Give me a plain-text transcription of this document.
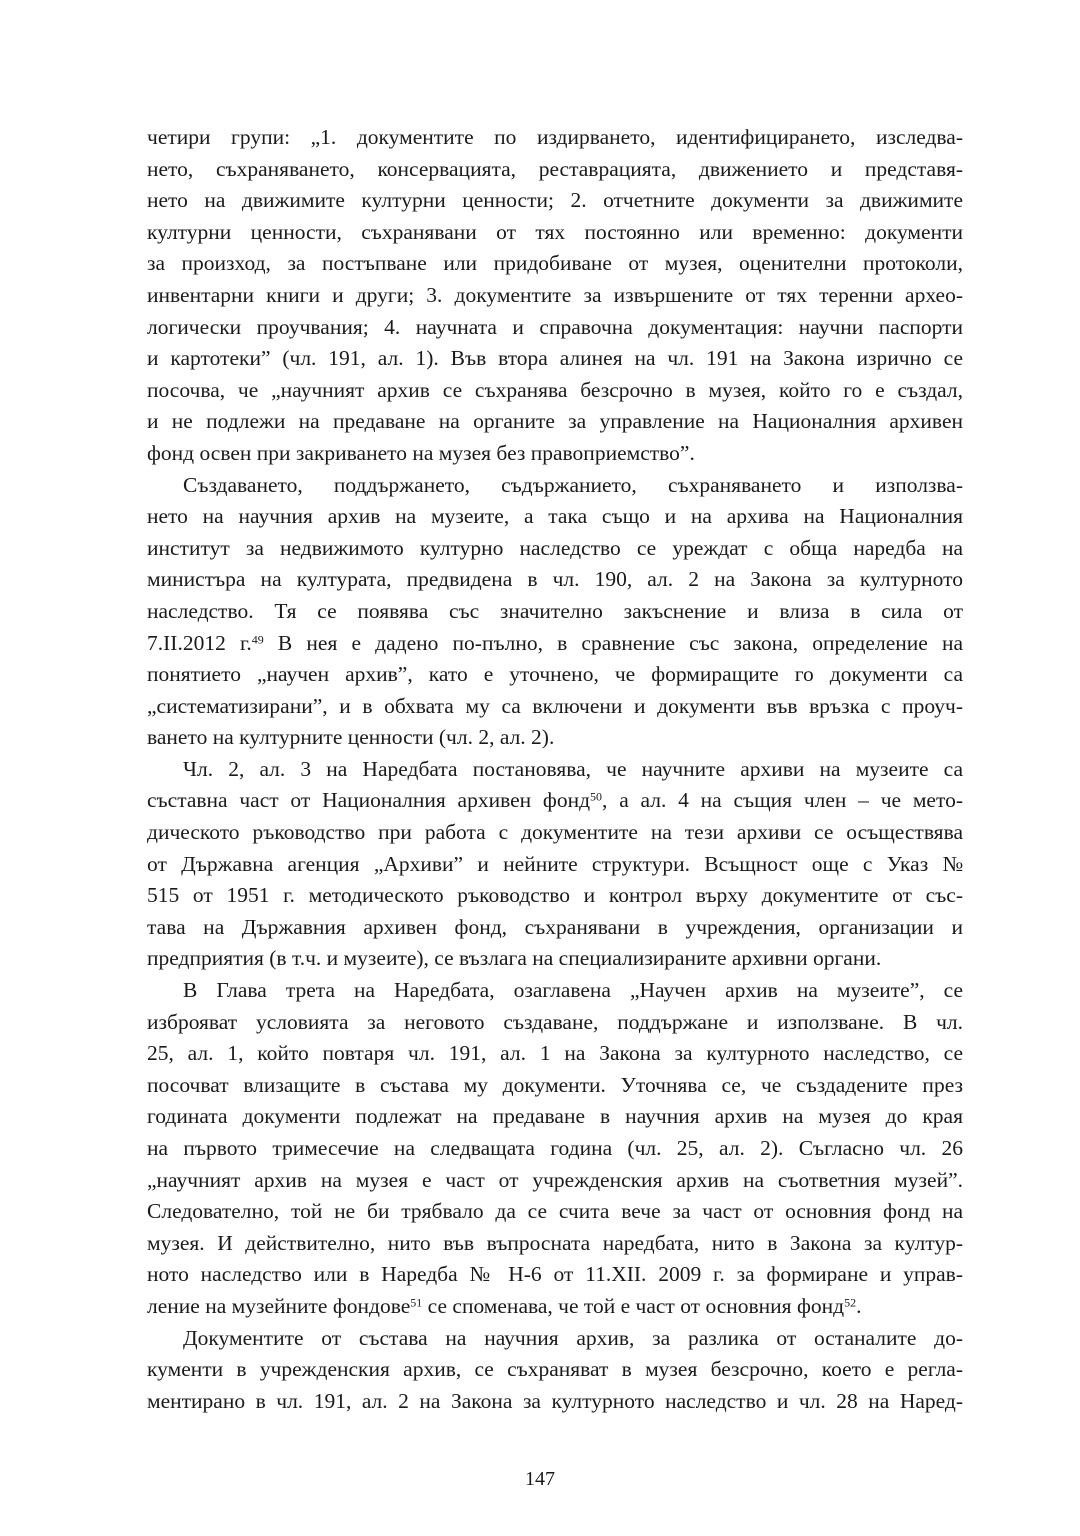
четири групи: „1. документите по издирването, идентифицирането, изследва-
нето, съхраняването, консервацията, реставрацията, движението и представя-
нето на движимите културни ценности; 2. отчетните документи за движимите
културни ценности, съхранявани от тях постоянно или временно: документи
за произход, за постъпване или придобиване от музея, оценителни протоколи,
инвентарни книги и други; 3. документите за извършените от тях теренни архео-
логически проучвания; 4. научната и справочна документация: научни паспорти
и картотеки” (чл. 191, ал. 1). Във втора алинея на чл. 191 на Закона изрично се
посочва, че „научният архив се съхранява безсрочно в музея, който го е създал,
и не подлежи на предаване на органите за управление на Националния архивен
фонд освен при закриването на музея без правоприемство”.
Създаването, поддържането, съдържанието, съхраняването и използва-
нето на научния архив на музеите, а така също и на архива на Националния
институт за недвижимото културно наследство се уреждат с обща наредба на
министъра на културата, предвидена в чл. 190, ал. 2 на Закона за културното
наследство. Тя се появява със значително закъснение и влиза в сила от
7.II.2012 г.$^{49}$ В нея е дадено по-пълно, в сравнение със закона, определение на
понятието „научен архив”, като е уточнено, че формиращите го документи са
„систематизирани”, и в обхвата му са включени и документи във връзка с проуч-
ването на културните ценности (чл. 2, ал. 2).
Чл. 2, ал. 3 на Наредбата постановява, че научните архиви на музеите са
съставна част от Националния архивен фонд$^{50}$, а ал. 4 на същия член – че мето-
дическото ръководство при работа с документите на тези архиви се осъществява
от Държавна агенция „Архиви” и нейните структури. Всъщност още с Указ №
515 от 1951 г. методическото ръководство и контрол върху документите от със-
тава на Държавния архивен фонд, съхранявани в учреждения, организации и
предприятия (в т.ч. и музеите), се възлага на специализираните архивни органи.
В Глава трета на Наредбата, озаглавена „Научен архив на музеите”, се
изброяват условията за неговото създаване, поддържане и използване. В чл.
25, ал. 1, който повтаря чл. 191, ал. 1 на Закона за културното наследство, се
посочват влизащите в състава му документи. Уточнява се, че създадените през
годината документи подлежат на предаване в научния архив на музея до края
на първото тримесечие на следващата година (чл. 25, ал. 2). Съгласно чл. 26
„научният архив на музея е част от учрежденския архив на съответния музей”.
Следователно, той не би трябвало да се счита вече за част от основния фонд на
музея. И действително, нито във въпросната наредбата, нито в Закона за култур-
ното наследство или в Наредба № Н-6 от 11.XII. 2009 г. за формиране и управ-
ление на музейните фондове$^{51}$ се споменава, че той е част от основния фонд$^{52}$.
Документите от състава на научния архив, за разлика от останалите до-
кументи в учрежденския архив, се съхраняват в музея безсрочно, което е регла-
ментирано в чл. 191, ал. 2 на Закона за културното наследство и чл. 28 на Наред-
147
